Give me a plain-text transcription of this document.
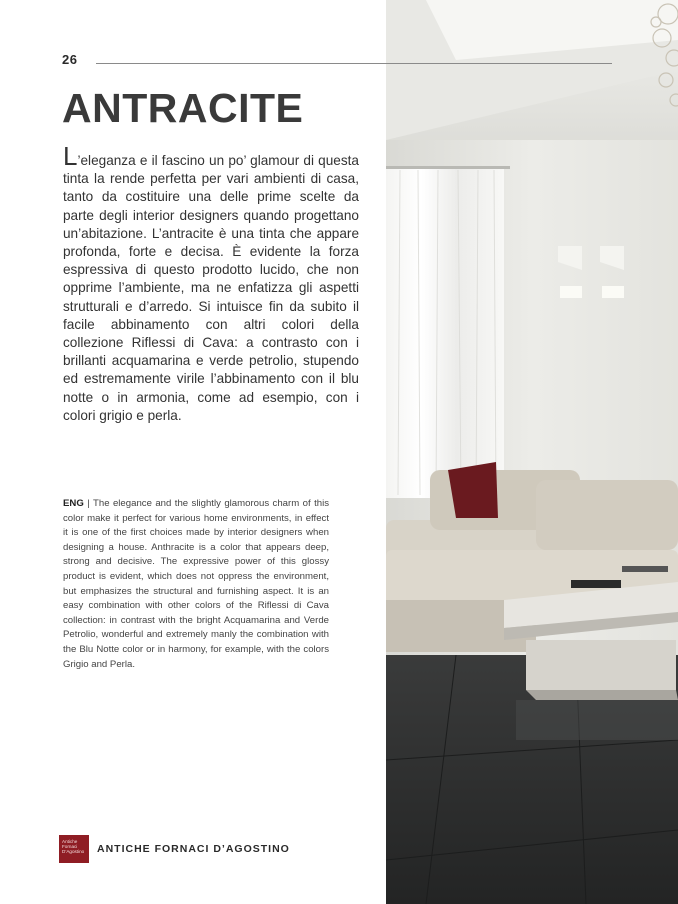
26
ANTRACITE

L’eleganza e il fascino un po’ glamour di questa tinta la rende perfetta per vari ambienti di casa, tanto da costituire una delle prime scelte da parte degli interior designers quando progettano un’abitazione. L’antracite è una tinta che appare profonda, forte e decisa. È evidente la forza espressiva di questo prodotto lucido, che non opprime l’ambiente, ma ne enfatizza gli aspetti strutturali e d’arredo. Si intuisce fin da subito il facile abbinamento con altri colori della collezione Riflessi di Cava: a contrasto con i brillanti acquamarina e verde petrolio, stupendo ed estremamente virile l’abbinamento con il blu notte o in armonia, come ad esempio, con i colori grigio e perla.

ENG | The elegance and the slightly glamorous charm of this color make it perfect for various home environments, in effect it is one of the first choices made by interior designers when designing a house. Anthracite is a color that appears deep, strong and decisive. The expressive power of this glossy product is evident, which does not oppress the environment, but emphasizes the structural and furnishing aspect. It is an easy combination with other colors of the Riflessi di Cava collection: in contrast with the bright Acquamarina and Verde Petrolio, wonderful and extremely manly the combination with the Blu Notte color or in harmony, for example, with the colors Grigio and Perla.

Antiche Fornaci D’Agostino	ANTICHE FORNACI D’AGOSTINO
